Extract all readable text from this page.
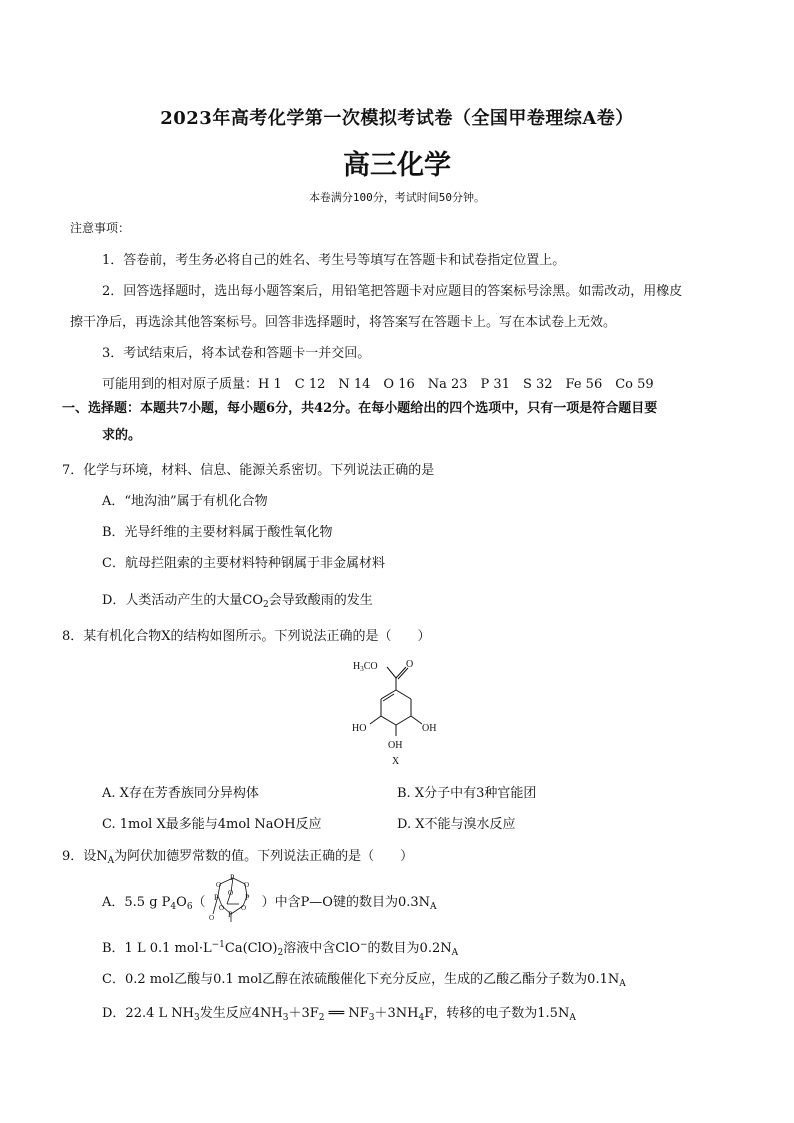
2023年高考化学第一次模拟考试卷（全国甲卷理综A卷）
高三化学
本卷满分100分，考试时间50分钟。
注意事项：
1．答卷前，考生务必将自己的姓名、考生号等填写在答题卡和试卷指定位置上。
2．回答选择题时，选出每小题答案后，用铅笔把答题卡对应题目的答案标号涂黑。如需改动，用橡皮
擦干净后，再选涂其他答案标号。回答非选择题时，将答案写在答题卡上。写在本试卷上无效。
3．考试结束后，将本试卷和答题卡一并交回。
可能用到的相对原子质量：H 1　C 12　N 14　O 16　Na 23　P 31　S 32　Fe 56　Co 59
一、选择题：本题共7小题，每小题6分，共42分。在每小题给出的四个选项中，只有一项是符合题目要
求的。
7．化学与环境，材料、信息、能源关系密切。下列说法正确的是
A．“地沟油”属于有机化合物
B．光导纤维的主要材料属于酸性氧化物
C．航母拦阻索的主要材料特种钢属于非金属材料
D．人类活动产生的大量$CO_2$会导致酸雨的发生
8．某有机化合物X的结构如图所示。下列说法正确的是（　　）
$H_3CO$	O
HO	OH
OH
X
A. X存在芳香族同分异构体	B. X分子中有3种官能团
C. 1mol X最多能与4mol NaOH反应	D. X不能与溴水反应
9．设$N_A$为阿伏加德罗常数的值。下列说法正确的是（　　）
A．5.5 g $P_4O_6$（	）中含P—O键的数目为$0.3N_A$
P
O	O
P	P
O
O O
P
O
B．1 L 0.1 $mol\cdot L^{-1}Ca(ClO)_2$溶液中含ClO−的数目为$0.2N_A$
C．0.2 mol乙酸与0.1 mol乙醇在浓硫酸催化下充分反应，生成的乙酸乙酯分子数为$0.1N_A$
D．22.4 L $NH_3$发生反应$4NH_3+3F_2$ ══ $NF_3+3NH_4F$，转移的电子数为$1.5N_A$
